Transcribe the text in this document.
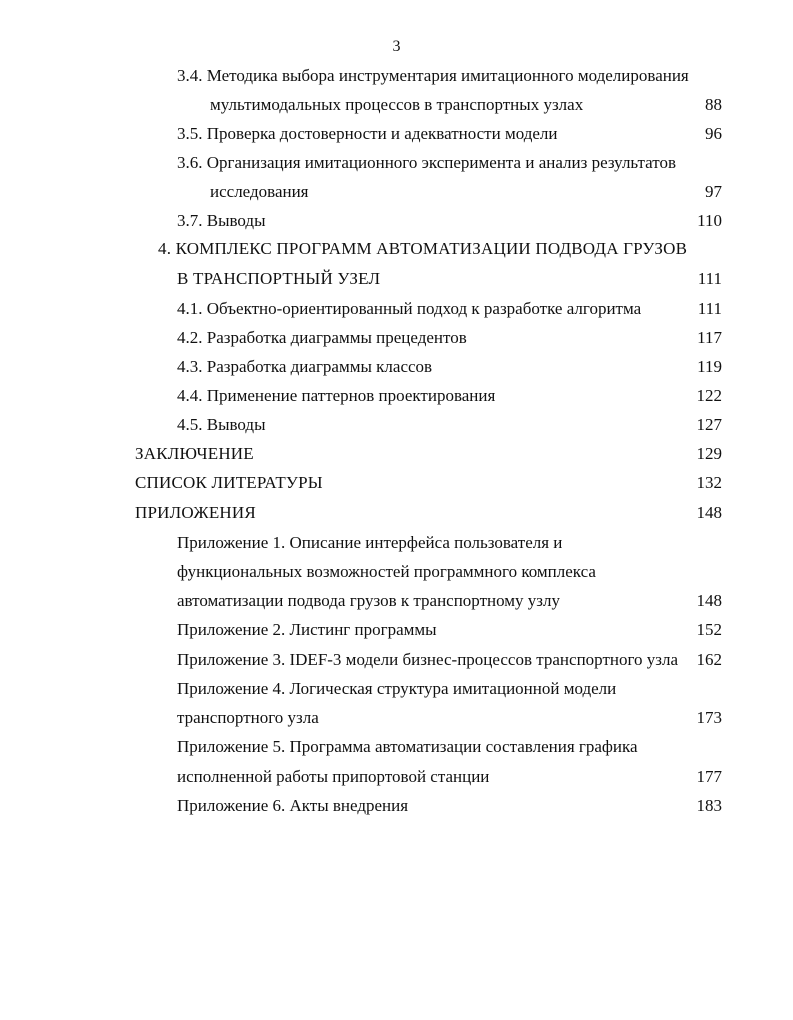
3
3.4. Методика выбора инструментария имитационного моделирования
мультимодальных процессов в транспортных узлах	88
3.5. Проверка достоверности и адекватности модели	96
3.6. Организация имитационного эксперимента и анализ результатов
исследования	97
3.7. Выводы	110
4. КОМПЛЕКС ПРОГРАММ АВТОМАТИЗАЦИИ ПОДВОДА ГРУЗОВ
В ТРАНСПОРТНЫЙ УЗЕЛ	111
4.1. Объектно-ориентированный подход к разработке алгоритма	111
4.2. Разработка диаграммы прецедентов	117
4.3. Разработка диаграммы классов	119
4.4. Применение паттернов проектирования	122
4.5. Выводы	127
ЗАКЛЮЧЕНИЕ	129
СПИСОК ЛИТЕРАТУРЫ	132
ПРИЛОЖЕНИЯ	148
Приложение 1. Описание интерфейса пользователя и
функциональных возможностей программного комплекса
автоматизации подвода грузов к транспортному узлу	148
Приложение 2. Листинг программы	152
Приложение 3. IDEF-3 модели бизнес-процессов транспортного узла 162
Приложение 4. Логическая структура имитационной модели
транспортного узла	173
Приложение 5. Программа автоматизации составления графика
исполненной работы припортовой станции	177
Приложение 6. Акты внедрения	183
